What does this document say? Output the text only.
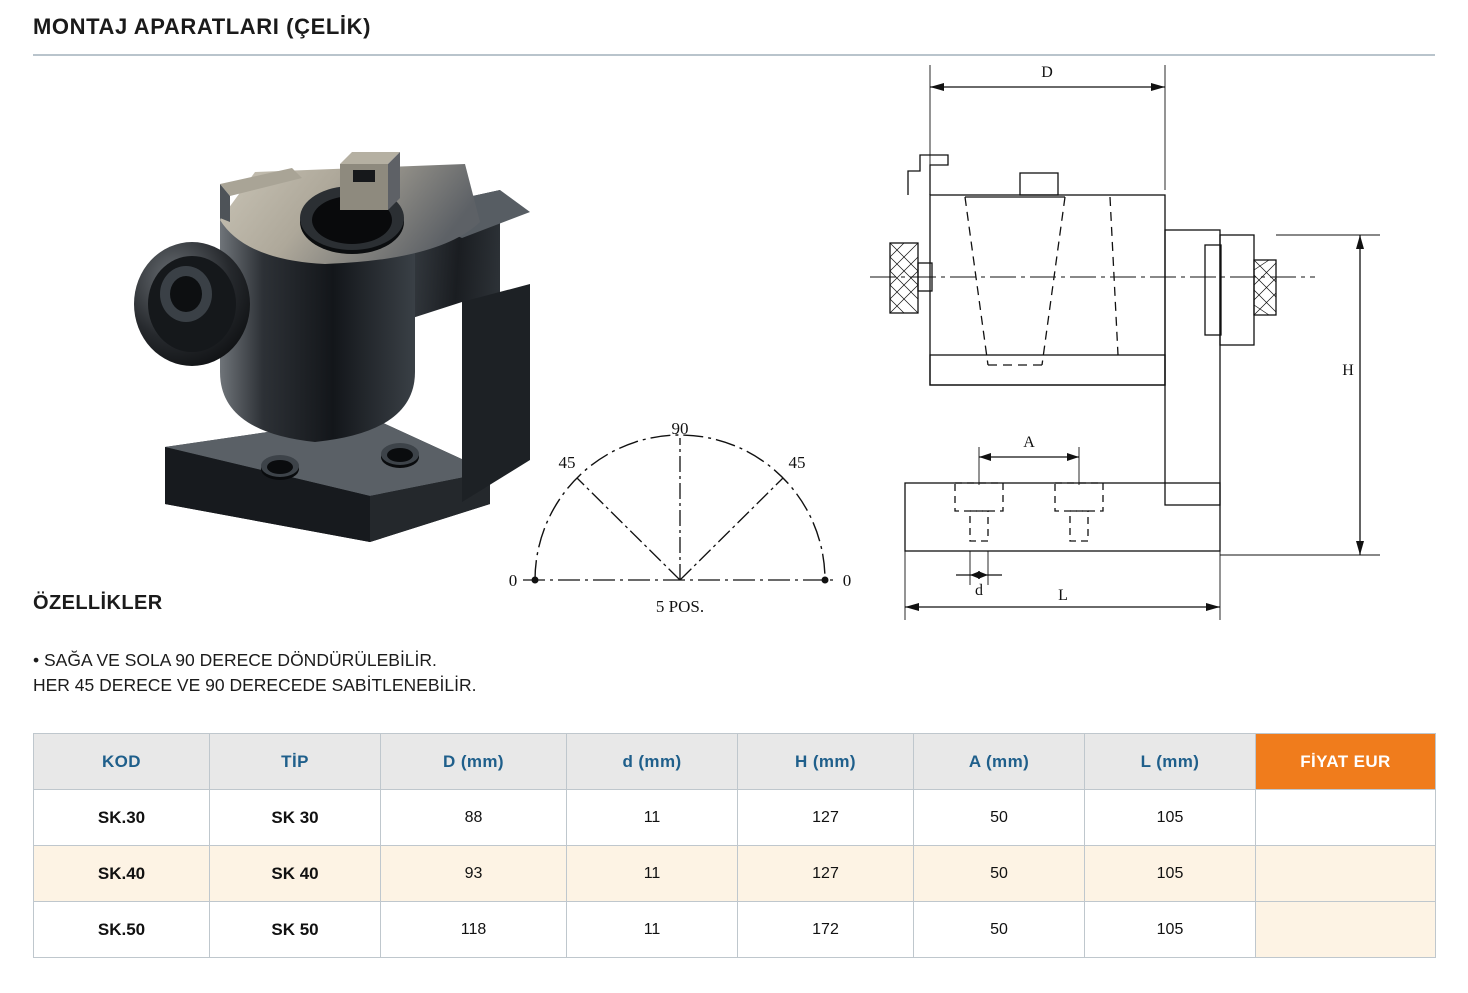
MONTAJ APARATLARI (ÇELİK)
90
45	45
0	0
5 POS.
D
H
A
d	L
ÖZELLİKLER
• SAĞA VE SOLA 90 DERECE DÖNDÜRÜLEBİLİR.
HER 45 DERECE VE 90 DERECEDE SABİTLENEBİLİR.
KOD	TİP	D (mm)	d (mm)	H (mm)	A (mm)	L (mm)	FİYAT EUR
SK.30	SK 30	88	11	127	50	105	
SK.40	SK 40	93	11	127	50	105	
SK.50	SK 50	118	11	172	50	105	
